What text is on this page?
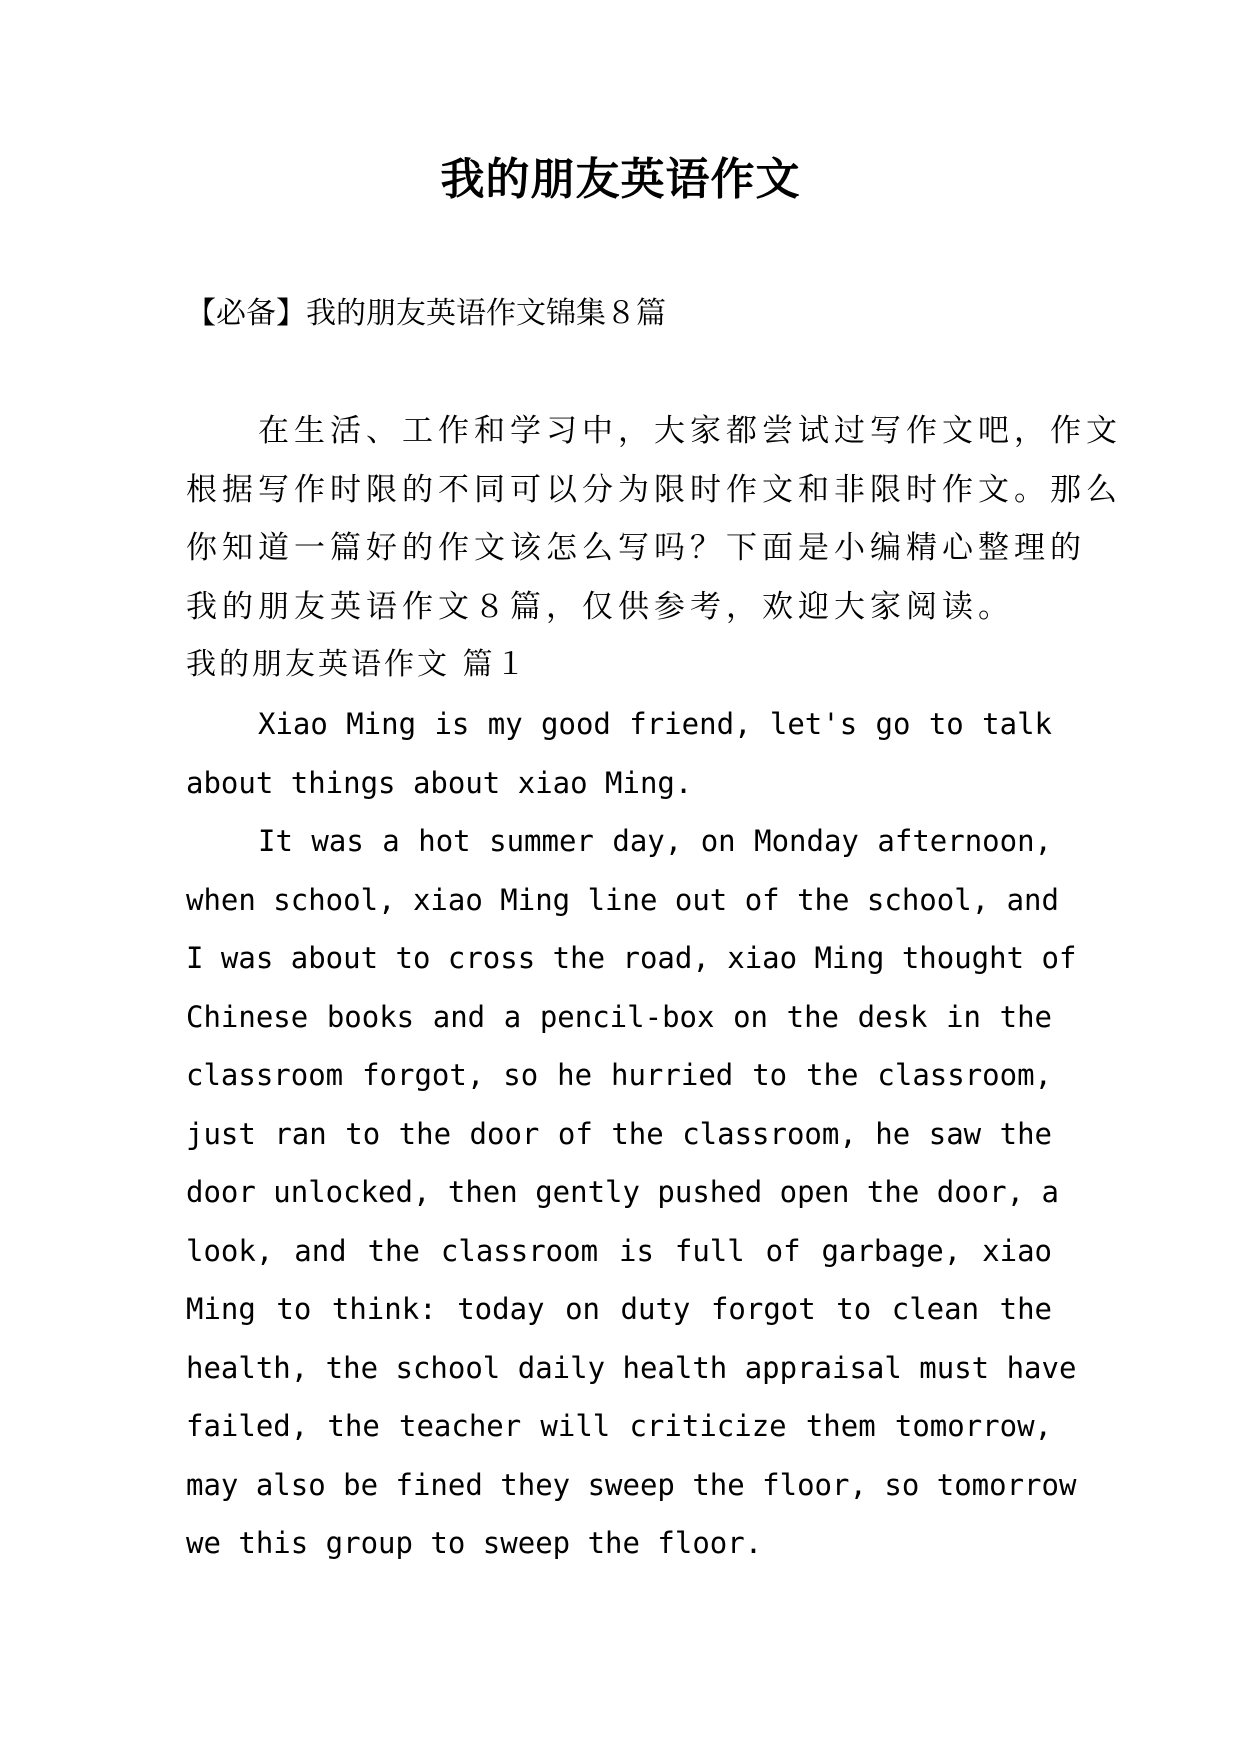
我的朋友英语作文
【必备】我的朋友英语作文锦集８篇
在生活、工作和学习中，大家都尝试过写作文吧，作文
根据写作时限的不同可以分为限时作文和非限时作文。那么
你知道一篇好的作文该怎么写吗？下面是小编精心整理的
我的朋友英语作文８篇，仅供参考，欢迎大家阅读。
我的朋友英语作文 篇１
Xiao Ming is my good friend, let's go to talk
about things about xiao Ming.
It was a hot summer day, on Monday afternoon,
when school, xiao Ming line out of the school, and
I was about to cross the road, xiao Ming thought of
Chinese books and a pencil-box on the desk in the
classroom forgot, so he hurried to the classroom,
just ran to the door of the classroom, he saw the
door unlocked, then gently pushed open the door, a
look, and the classroom is full of garbage, xiao
Ming to think: today on duty forgot to clean the
health, the school daily health appraisal must have
failed, the teacher will criticize them tomorrow,
may also be fined they sweep the floor, so tomorrow
we this group to sweep the floor.
